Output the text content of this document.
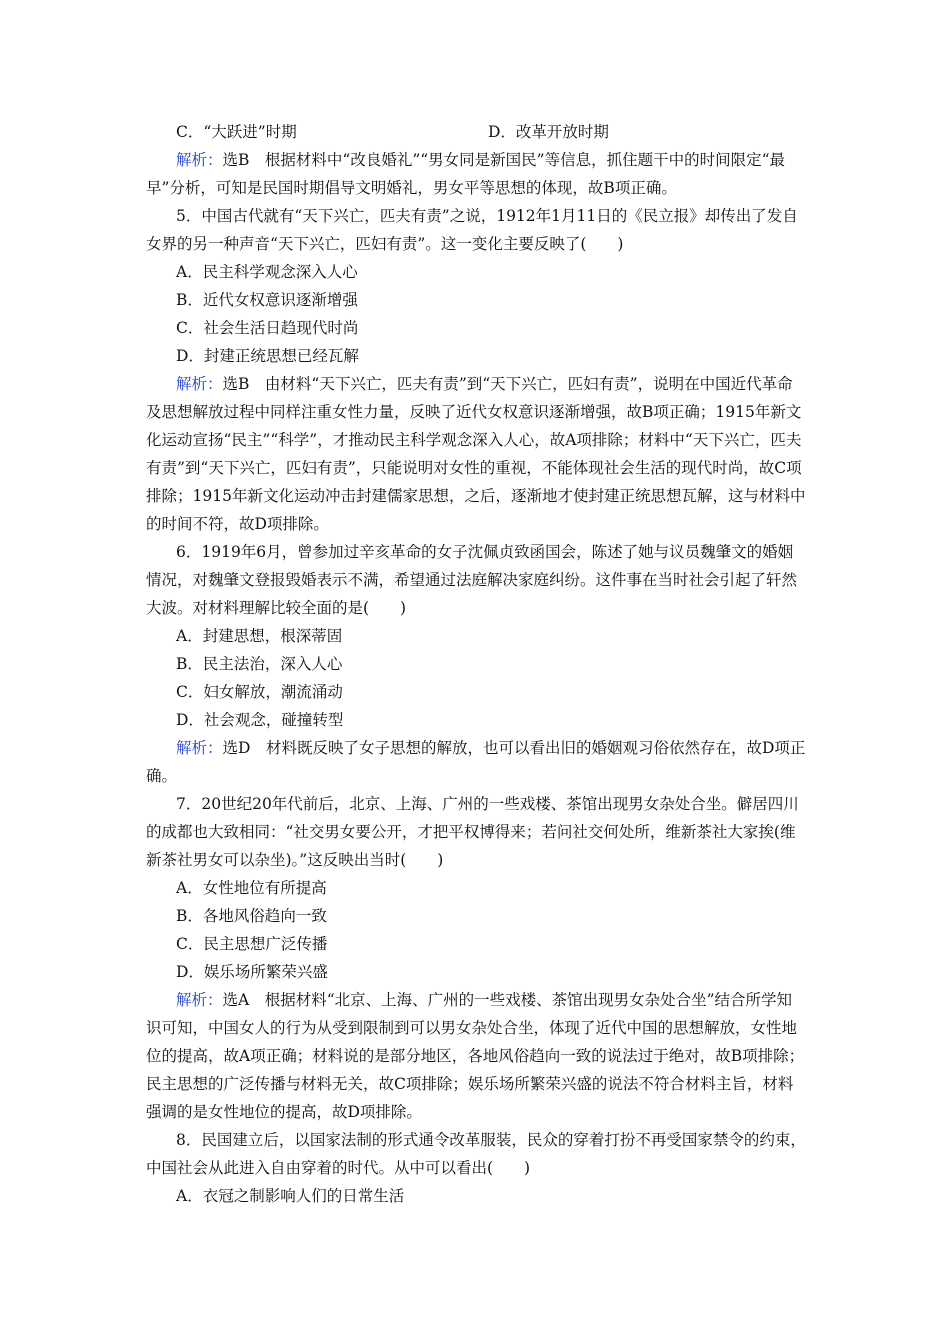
C．“大跃进”时期	D．改革开放时期
解析：选B　根据材料中“改良婚礼”“男女同是新国民”等信息，抓住题干中的时间限定“最早”分析，可知是民国时期倡导文明婚礼，男女平等思想的体现，故B项正确。
5．中国古代就有“天下兴亡，匹夫有责”之说，1912年1月11日的《民立报》却传出了发自女界的另一种声音“天下兴亡，匹妇有责”。这一变化主要反映了(　　)
A．民主科学观念深入人心
B．近代女权意识逐渐增强
C．社会生活日趋现代时尚
D．封建正统思想已经瓦解
解析：选B　由材料“天下兴亡，匹夫有责”到“天下兴亡，匹妇有责”，说明在中国近代革命及思想解放过程中同样注重女性力量，反映了近代女权意识逐渐增强，故B项正确；1915年新文化运动宣扬“民主”“科学”，才推动民主科学观念深入人心，故A项排除；材料中“天下兴亡，匹夫有责”到“天下兴亡，匹妇有责”，只能说明对女性的重视，不能体现社会生活的现代时尚，故C项排除；1915年新文化运动冲击封建儒家思想，之后，逐渐地才使封建正统思想瓦解，这与材料中的时间不符，故D项排除。
6．1919年6月，曾参加过辛亥革命的女子沈佩贞致函国会，陈述了她与议员魏肇文的婚姻情况，对魏肇文登报毁婚表示不满，希望通过法庭解决家庭纠纷。这件事在当时社会引起了轩然大波。对材料理解比较全面的是(　　)
A．封建思想，根深蒂固
B．民主法治，深入人心
C．妇女解放，潮流涌动
D．社会观念，碰撞转型
解析：选D　材料既反映了女子思想的解放，也可以看出旧的婚姻观习俗依然存在，故D项正确。
7．20世纪20年代前后，北京、上海、广州的一些戏楼、茶馆出现男女杂处合坐。僻居四川的成都也大致相同：“社交男女要公开，才把平权博得来；若问社交何处所，维新茶社大家挨(维新茶社男女可以杂坐)。”这反映出当时(　　)
A．女性地位有所提高
B．各地风俗趋向一致
C．民主思想广泛传播
D．娱乐场所繁荣兴盛
解析：选A　根据材料“北京、上海、广州的一些戏楼、茶馆出现男女杂处合坐”结合所学知识可知，中国女人的行为从受到限制到可以男女杂处合坐，体现了近代中国的思想解放，女性地位的提高，故A项正确；材料说的是部分地区，各地风俗趋向一致的说法过于绝对，故B项排除；民主思想的广泛传播与材料无关，故C项排除；娱乐场所繁荣兴盛的说法不符合材料主旨，材料强调的是女性地位的提高，故D项排除。
8．民国建立后，以国家法制的形式通令改革服装，民众的穿着打扮不再受国家禁令的约束，中国社会从此进入自由穿着的时代。从中可以看出(　　)
A．衣冠之制影响人们的日常生活
